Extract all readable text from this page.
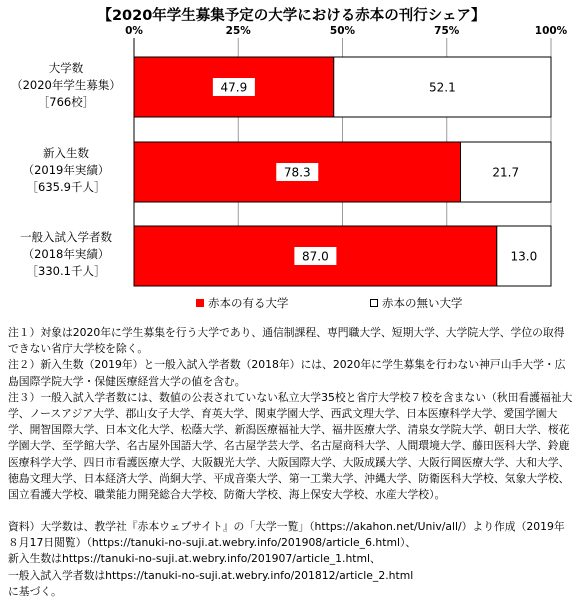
【2020年学生募集予定の大学における赤本の刊行シェア】
0%	25%	50%	75%	100%
47.9	52.1
大学数
（2020年学生募集）
［766校］
78.3	21.7
新入生数
（2019年実績）
［635.9千人］
87.0	13.0
一般入試入学者数
（2018年実績）
［330.1千人］
赤本の有る大学	赤本の無い大学

注１）対象は2020年に学生募集を行う大学であり、通信制課程、専門職大学、短期大学、大学院大学、学位の取得できない省庁大学校を除く。

注２）新入生数（2019年）と一般入試入学者数（2018年）には、2020年に学生募集を行わない神戸山手大学・広島国際学院大学・保健医療経営大学の値を含む。

注３）一般入試入学者数には、数値の公表されていない私立大学35校と省庁大学校７校を含まない（秋田看護福祉大学、ノースアジア大学、郡山女子大学、育英大学、関東学園大学、西武文理大学、日本医療科学大学、愛国学園大学、開智国際大学、日本文化大学、松蔭大学、新潟医療福祉大学、福井医療大学、清泉女学院大学、朝日大学、桜花学園大学、至学館大学、名古屋外国語大学、名古屋学芸大学、名古屋商科大学、人間環境大学、藤田医科大学、鈴鹿医療科学大学、四日市看護医療大学、大阪観光大学、大阪国際大学、大阪成蹊大学、大阪行岡医療大学、大和大学、徳島文理大学、日本経済大学、尚絅大学、平成音楽大学、第一工業大学、沖縄大学、防衛医科大学校、気象大学校、国立看護大学校、職業能力開発総合大学校、防衛大学校、海上保安大学校、水産大学校）。

資料）大学数は、教学社『赤本ウェブサイト』の「大学一覧」（https://akahon.net/Univ/all/）より作成（2019年８月17日閲覧）（https://tanuki-no-suji.at.webry.info/201908/article_6.html）、

新入生数はhttps://tanuki-no-suji.at.webry.info/201907/article_1.html、

一般入試入学者数はhttps://tanuki-no-suji.at.webry.info/201812/article_2.html

に基づく。
